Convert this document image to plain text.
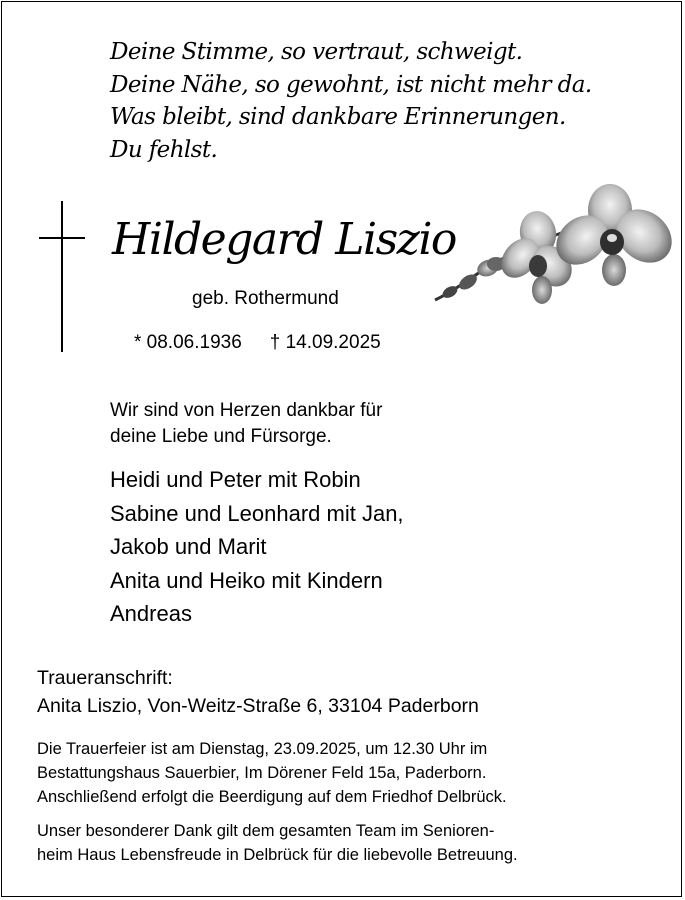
Deine Stimme, so vertraut, schweigt.
Deine Nähe, so gewohnt, ist nicht mehr da.
Was bleibt, sind dankbare Erinnerungen.
Du fehlst.
Hildegard Liszio
geb. Rothermund
* 08.06.1936 † 14.09.2025
Wir sind von Herzen dankbar für
deine Liebe und Fürsorge.
Heidi und Peter mit Robin
Sabine und Leonhard mit Jan,
Jakob und Marit
Anita und Heiko mit Kindern
Andreas
Traueranschrift:
Anita Liszio, Von-Weitz-Straße 6, 33104 Paderborn
Die Trauerfeier ist am Dienstag, 23.09.2025, um 12.30 Uhr im
Bestattungshaus Sauerbier, Im Dörener Feld 15a, Paderborn.
Anschließend erfolgt die Beerdigung auf dem Friedhof Delbrück.
Unser besonderer Dank gilt dem gesamten Team im Senioren-
heim Haus Lebensfreude in Delbrück für die liebevolle Betreuung.
